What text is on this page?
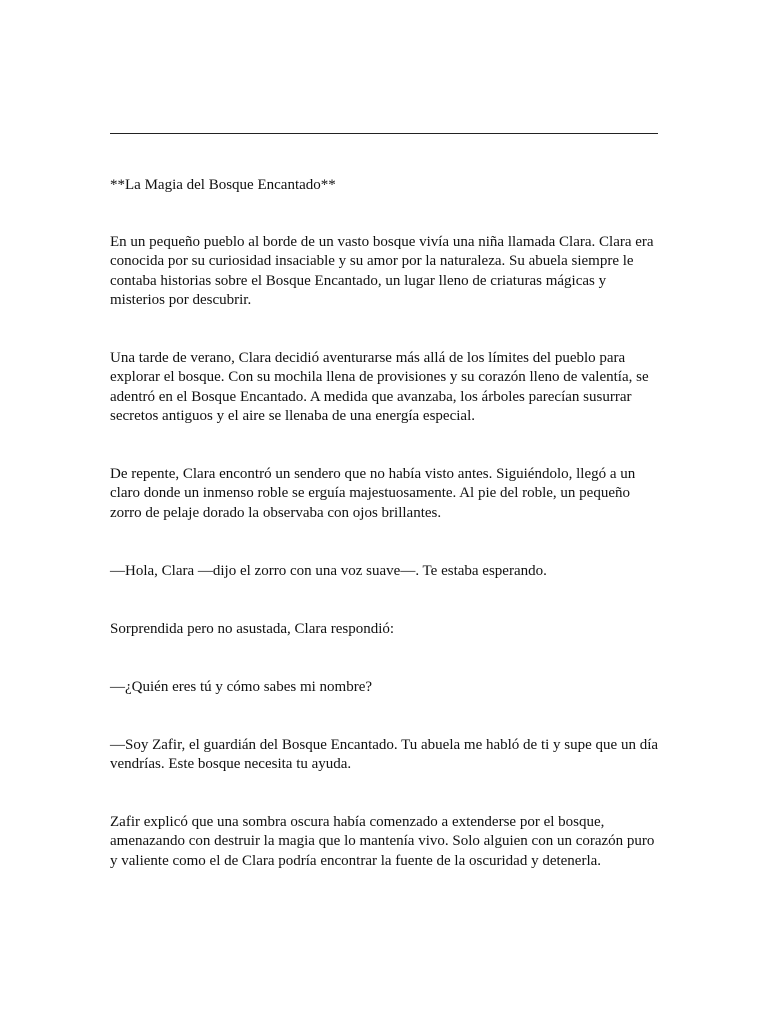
**La Magia del Bosque Encantado**

En un pequeño pueblo al borde de un vasto bosque vivía una niña llamada Clara. Clara era conocida por su curiosidad insaciable y su amor por la naturaleza. Su abuela siempre le contaba historias sobre el Bosque Encantado, un lugar lleno de criaturas mágicas y misterios por descubrir.

Una tarde de verano, Clara decidió aventurarse más allá de los límites del pueblo para explorar el bosque. Con su mochila llena de provisiones y su corazón lleno de valentía, se adentró en el Bosque Encantado. A medida que avanzaba, los árboles parecían susurrar secretos antiguos y el aire se llenaba de una energía especial.

De repente, Clara encontró un sendero que no había visto antes. Siguiéndolo, llegó a un claro donde un inmenso roble se erguía majestuosamente. Al pie del roble, un pequeño zorro de pelaje dorado la observaba con ojos brillantes.

—Hola, Clara —dijo el zorro con una voz suave—. Te estaba esperando.

Sorprendida pero no asustada, Clara respondió:

—¿Quién eres tú y cómo sabes mi nombre?

—Soy Zafir, el guardián del Bosque Encantado. Tu abuela me habló de ti y supe que un día vendrías. Este bosque necesita tu ayuda.

Zafir explicó que una sombra oscura había comenzado a extenderse por el bosque, amenazando con destruir la magia que lo mantenía vivo. Solo alguien con un corazón puro y valiente como el de Clara podría encontrar la fuente de la oscuridad y detenerla.
